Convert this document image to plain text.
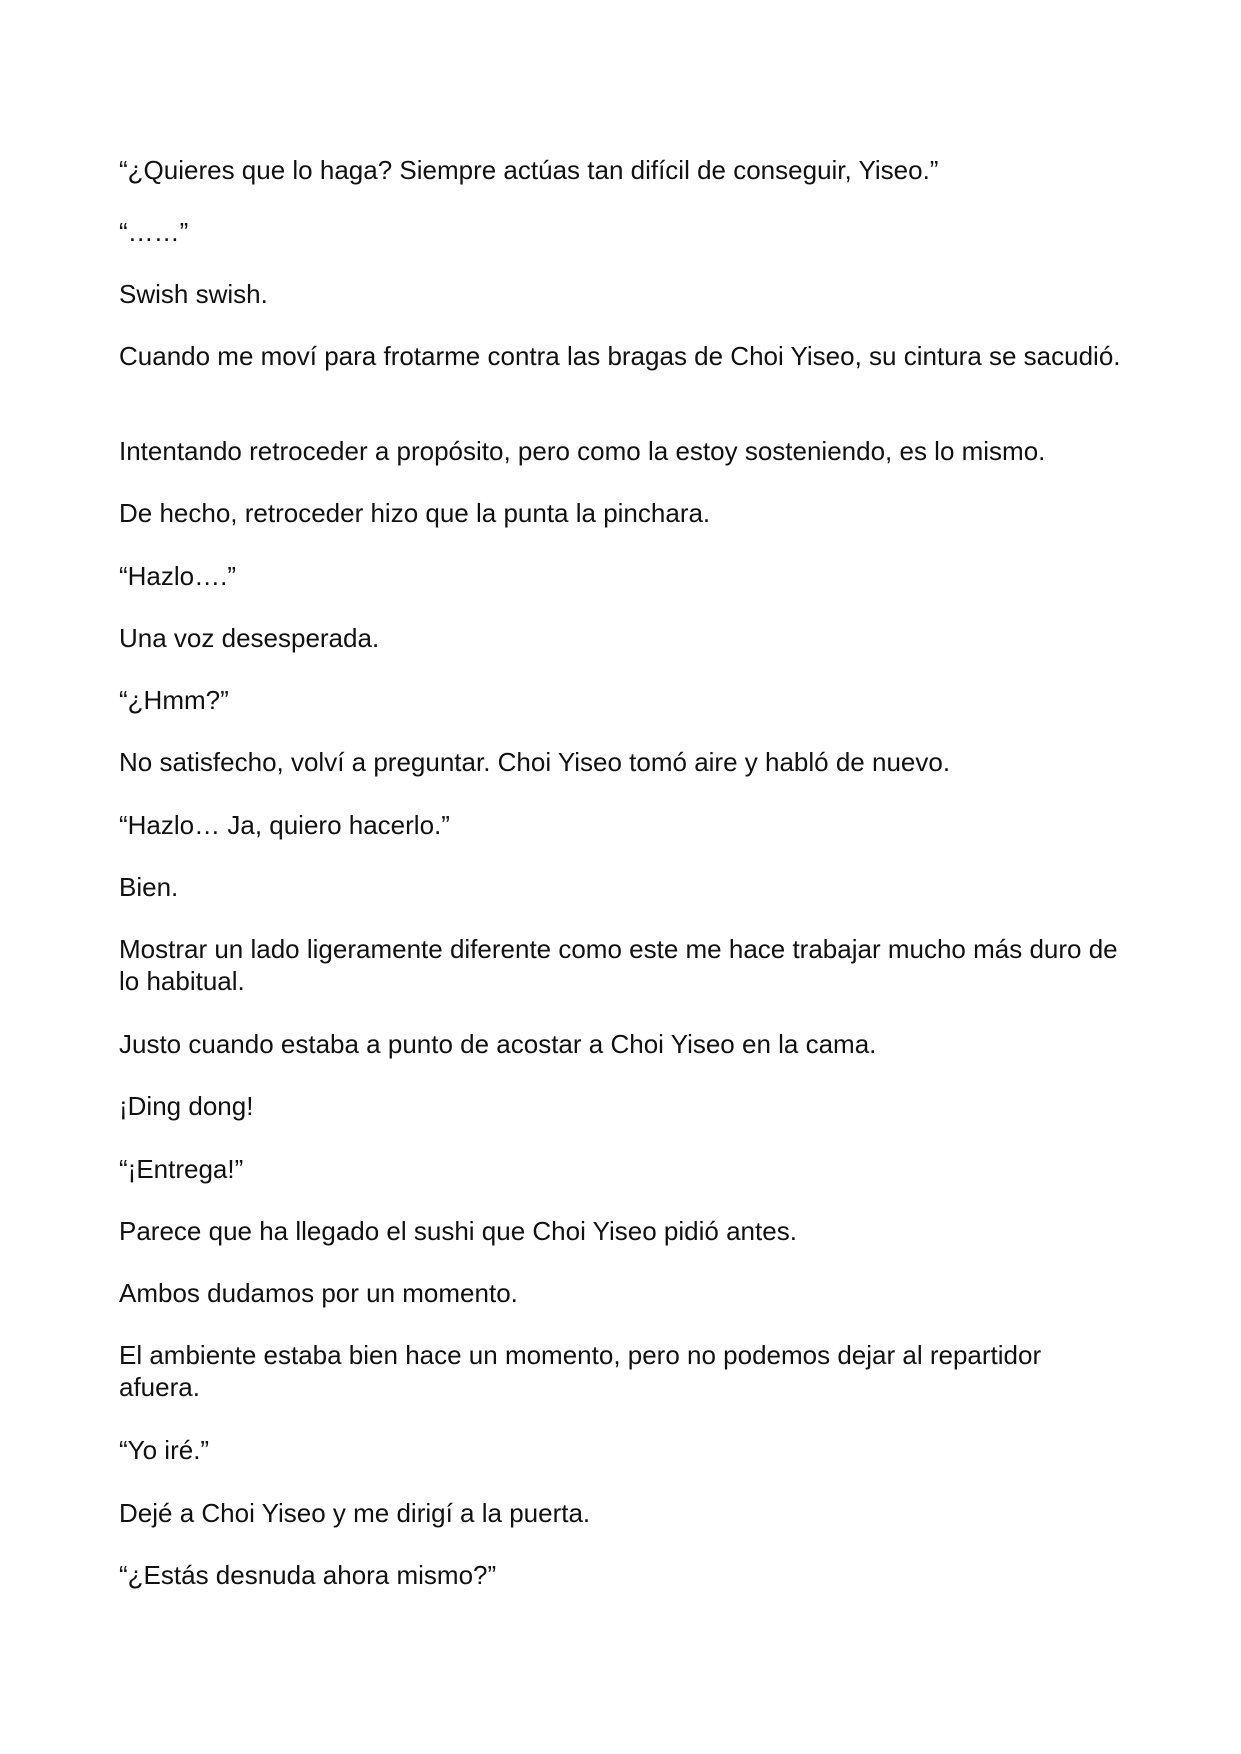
“¿Quieres que lo haga? Siempre actúas tan difícil de conseguir, Yiseo.”

“……”

Swish swish.

Cuando me moví para frotarme contra las bragas de Choi Yiseo, su cintura se sacudió.

Intentando retroceder a propósito, pero como la estoy sosteniendo, es lo mismo.

De hecho, retroceder hizo que la punta la pinchara.

“Hazlo….”

Una voz desesperada.

“¿Hmm?”

No satisfecho, volví a preguntar. Choi Yiseo tomó aire y habló de nuevo.

“Hazlo… Ja, quiero hacerlo.”

Bien.

Mostrar un lado ligeramente diferente como este me hace trabajar mucho más duro de lo habitual.

Justo cuando estaba a punto de acostar a Choi Yiseo en la cama.

¡Ding dong!

“¡Entrega!”

Parece que ha llegado el sushi que Choi Yiseo pidió antes.

Ambos dudamos por un momento.

El ambiente estaba bien hace un momento, pero no podemos dejar al repartidor afuera.

“Yo iré.”

Dejé a Choi Yiseo y me dirigí a la puerta.

“¿Estás desnuda ahora mismo?”
